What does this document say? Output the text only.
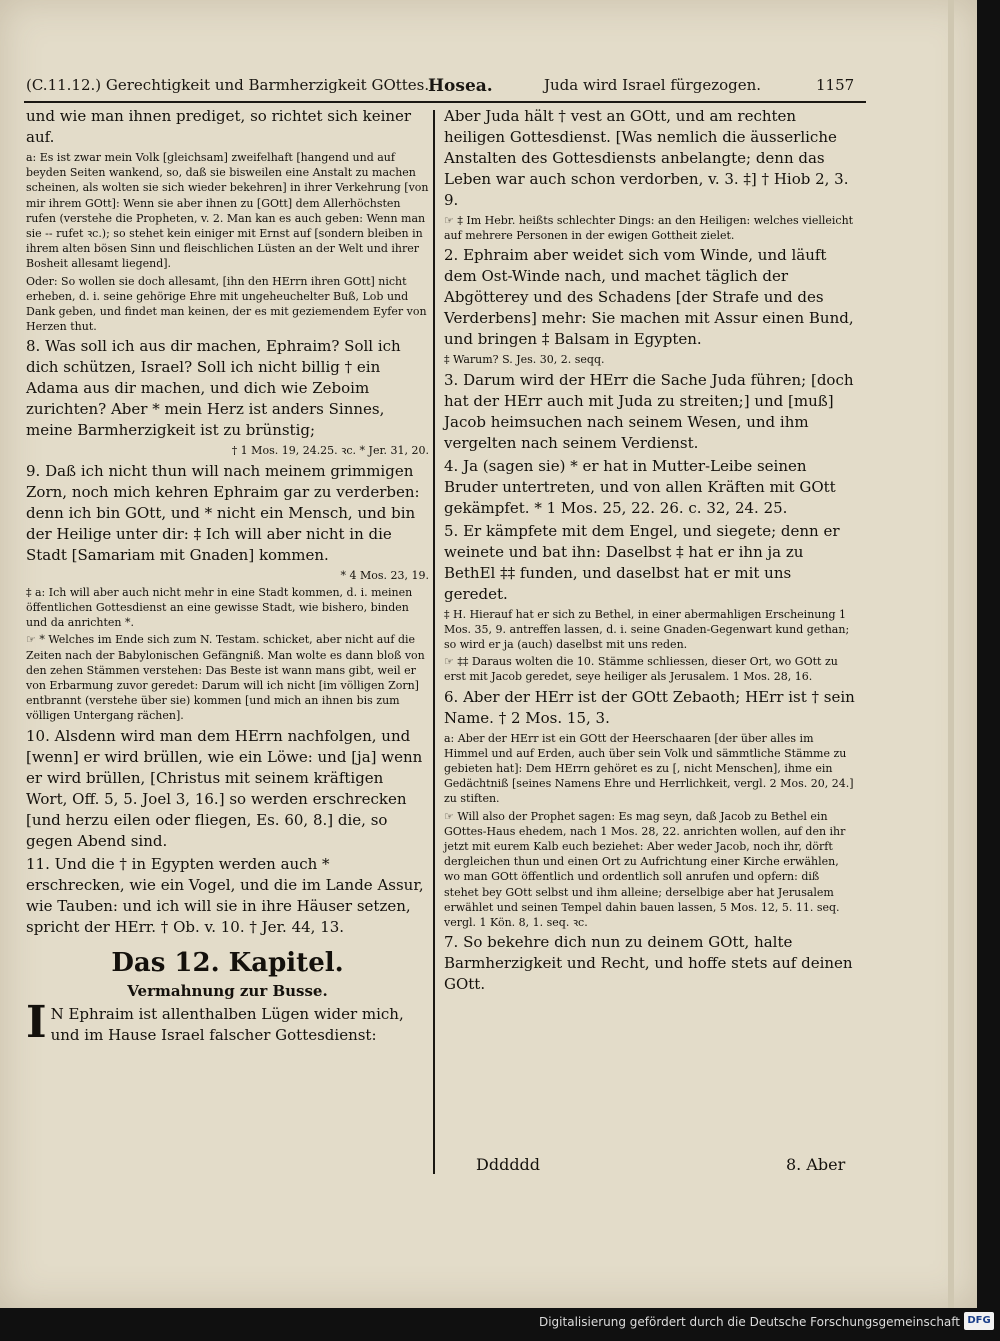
(C.11.12.) Gerechtigkeit und Barmherzigkeit GOttes.
Hosea.	Juda wird Israel fürgezogen.	1157

und wie man ihnen prediget, so richtet sich keiner auf.

a: Es ist zwar mein Volk [gleichsam] zweifelhaft [hangend und auf beyden Seiten wankend, so, daß sie bisweilen eine Anstalt zu machen scheinen, als wolten sie sich wieder bekehren] in ihrer Verkehrung [von mir ihrem GOtt]: Wenn sie aber ihnen zu [GOtt] dem Allerhöchsten rufen (verstehe die Propheten, v. 2. Man kan es auch geben: Wenn man sie -- rufet ꝛc.); so stehet kein einiger mit Ernst auf [sondern bleiben in ihrem alten bösen Sinn und fleischlichen Lüsten an der Welt und ihrer Bosheit allesamt liegend].

Oder: So wollen sie doch allesamt, [ihn den HErrn ihren GOtt] nicht erheben, d. i. seine gehörige Ehre mit ungeheuchelter Buß, Lob und Dank geben, und findet man keinen, der es mit geziemendem Eyfer von Herzen thut.

8. Was soll ich aus dir machen, Ephraim? Soll ich dich schützen, Israel? Soll ich nicht billig † ein Adama aus dir machen, und dich wie Zeboim zurichten? Aber * mein Herz ist anders Sinnes, meine Barmherzigkeit ist zu brünstig;

† 1 Mos. 19, 24.25. ꝛc. * Jer. 31, 20.

9. Daß ich nicht thun will nach meinem grimmigen Zorn, noch mich kehren Ephraim gar zu verderben: denn ich bin GOtt, und * nicht ein Mensch, und bin der Heilige unter dir: ‡ Ich will aber nicht in die Stadt [Samariam mit Gnaden] kommen.

* 4 Mos. 23, 19.

‡ a: Ich will aber auch nicht mehr in eine Stadt kommen, d. i. meinen öffentlichen Gottesdienst an eine gewisse Stadt, wie bishero, binden und da anrichten *.

☞ * Welches im Ende sich zum N. Testam. schicket, aber nicht auf die Zeiten nach der Babylonischen Gefängniß. Man wolte es dann bloß von den zehen Stämmen verstehen: Das Beste ist wann mans gibt, weil er von Erbarmung zuvor geredet: Darum will ich nicht [im völligen Zorn] entbrannt (verstehe über sie) kommen [und mich an ihnen bis zum völligen Untergang rächen].

10. Alsdenn wird man dem HErrn nachfolgen, und [wenn] er wird brüllen, wie ein Löwe: und [ja] wenn er wird brüllen, [Christus mit seinem kräftigen Wort, Off. 5, 5. Joel 3, 16.] so werden erschrecken [und herzu eilen oder fliegen, Es. 60, 8.] die, so gegen Abend sind.

11. Und die † in Egypten werden auch * erschrecken, wie ein Vogel, und die im Lande Assur, wie Tauben: und ich will sie in ihre Häuser setzen, spricht der HErr. † Ob. v. 10. † Jer. 44, 13.

Das 12. Kapitel.
Vermahnung zur Busse.

I N Ephraim ist allenthalben Lügen wider mich, und im Hause Israel falscher Gottesdienst:

Aber Juda hält † vest an GOtt, und am rechten heiligen Gottesdienst. [Was nemlich die äusserliche Anstalten des Gottesdiensts anbelangte; denn das Leben war auch schon verdorben, v. 3. ‡] † Hiob 2, 3. 9.

☞ ‡ Im Hebr. heißts schlechter Dings: an den Heiligen: welches vielleicht auf mehrere Personen in der ewigen Gottheit zielet.

2. Ephraim aber weidet sich vom Winde, und läuft dem Ost-Winde nach, und machet täglich der Abgötterey und des Schadens [der Strafe und des Verderbens] mehr: Sie machen mit Assur einen Bund, und bringen ‡ Balsam in Egypten.

‡ Warum? S. Jes. 30, 2. seqq.

3. Darum wird der HErr die Sache Juda führen; [doch hat der HErr auch mit Juda zu streiten;] und [muß] Jacob heimsuchen nach seinem Wesen, und ihm vergelten nach seinem Verdienst.

4. Ja (sagen sie) * er hat in Mutter-Leibe seinen Bruder untertreten, und von allen Kräften mit GOtt gekämpfet. * 1 Mos. 25, 22. 26. c. 32, 24. 25.

5. Er kämpfete mit dem Engel, und siegete; denn er weinete und bat ihn: Daselbst ‡ hat er ihn ja zu BethEl ‡‡ funden, und daselbst hat er mit uns geredet.

‡ H. Hierauf hat er sich zu Bethel, in einer abermahligen Erscheinung 1 Mos. 35, 9. antreffen lassen, d. i. seine Gnaden-Gegenwart kund gethan; so wird er ja (auch) daselbst mit uns reden.

☞ ‡‡ Daraus wolten die 10. Stämme schliessen, dieser Ort, wo GOtt zu erst mit Jacob geredet, seye heiliger als Jerusalem. 1 Mos. 28, 16.

6. Aber der HErr ist der GOtt Zebaoth; HErr ist † sein Name. † 2 Mos. 15, 3.

a: Aber der HErr ist ein GOtt der Heerschaaren [der über alles im Himmel und auf Erden, auch über sein Volk und sämmtliche Stämme zu gebieten hat]: Dem HErrn gehöret es zu [, nicht Menschen], ihme ein Gedächtniß [seines Namens Ehre und Herrlichkeit, vergl. 2 Mos. 20, 24.] zu stiften.

☞ Will also der Prophet sagen: Es mag seyn, daß Jacob zu Bethel ein GOttes-Haus ehedem, nach 1 Mos. 28, 22. anrichten wollen, auf den ihr jetzt mit eurem Kalb euch beziehet: Aber weder Jacob, noch ihr, dörft dergleichen thun und einen Ort zu Aufrichtung einer Kirche erwählen, wo man GOtt öffentlich und ordentlich soll anrufen und opfern: diß stehet bey GOtt selbst und ihm alleine; derselbige aber hat Jerusalem erwählet und seinen Tempel dahin bauen lassen, 5 Mos. 12, 5. 11. seq. vergl. 1 Kön. 8, 1. seq. ꝛc.

7. So bekehre dich nun zu deinem GOtt, halte Barmherzigkeit und Recht, und hoffe stets auf deinen GOtt.

Dddddd	8. Aber
Digitalisierung gefördert durch die Deutsche Forschungsgemeinschaft DFG
